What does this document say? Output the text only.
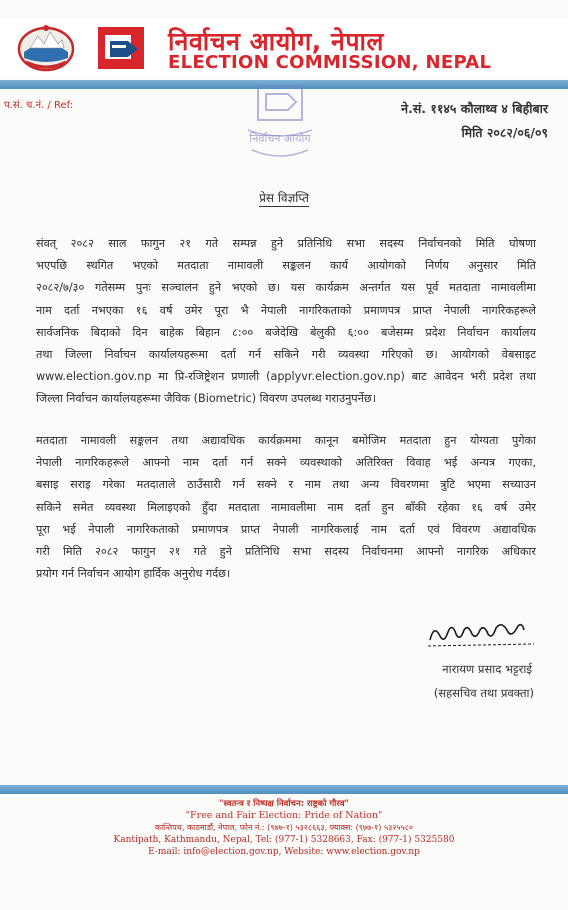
निर्वाचन आयोग, नेपाल
ELECTION COMMISSION, NEPAL
प.सं. च.नं. / Ref:
निर्वाचन आयोग
ने.सं. ११४५ कौलाथ्व ४ बिहीबार
मिति २०८२/०६/०९
प्रेस विज्ञप्ति
संवत् २०८२ साल फागुन २१ गते सम्पन्न हुने प्रतिनिधि सभा सदस्य निर्वाचनको मिति घोषणा
भएपछि स्थगित भएको मतदाता नामावली सङ्कलन कार्य आयोगको निर्णय अनुसार मिति
२०८२/७/३० गतेसम्म पुनः सञ्चालन हुने भएको छ। यस कार्यक्रम अन्तर्गत यस पूर्व मतदाता नामावलीमा
नाम दर्ता नभएका १६ वर्ष उमेर पूरा भै नेपाली नागरिकताको प्रमाणपत्र प्राप्त नेपाली नागरिकहरूले
सार्वजनिक बिदाको दिन बाहेक बिहान ८:०० बजेदेखि बेलुकी ६:०० बजेसम्म प्रदेश निर्वाचन कार्यालय
तथा जिल्ला निर्वाचन कार्यालयहरूमा दर्ता गर्न सकिने गरी व्यवस्था गरिएको छ। आयोगको वेबसाइट
www.election.gov.np मा प्रि-रजिष्ट्रेशन प्रणाली (applyvr.election.gov.np) बाट आवेदन भरी प्रदेश तथा
जिल्ला निर्वाचन कार्यालयहरूमा जैविक (Biometric) विवरण उपलब्ध गराउनुपर्नेछ।
मतदाता नामावली सङ्कलन तथा अद्यावधिक कार्यक्रममा कानून बमोजिम मतदाता हुन योग्यता पुगेका
नेपाली नागरिकहरूले आफ्नो नाम दर्ता गर्न सक्ने व्यवस्थाको अतिरिक्त विवाह भई अन्यत्र गएका,
बसाइ सराइ गरेका मतदाताले ठाउँसारी गर्न सक्ने र नाम तथा अन्य विवरणमा त्रुटि भएमा सच्याउन
सकिने समेत व्यवस्था मिलाइएको हुँदा मतदाता नामावलीमा नाम दर्ता हुन बाँकी रहेका १६ वर्ष उमेर
पूरा भई नेपाली नागरिकताको प्रमाणपत्र प्राप्त नेपाली नागरिकलाई नाम दर्ता एवं विवरण अद्यावधिक
गरी मिति २०८२ फागुन २१ गते हुने प्रतिनिधि सभा सदस्य निर्वाचनमा आफ्नो नागरिक अधिकार
प्रयोग गर्न निर्वाचन आयोग हार्दिक अनुरोध गर्दछ।
नारायण प्रसाद भट्टराई
(सहसचिव तथा प्रवक्ता)
"स्वतन्त्र र निष्पक्ष निर्वाचन: राष्ट्रको गौरव"
"Free and Fair Election: Pride of Nation"
कान्तिपथ, काठमाडौं, नेपाल, फोन नं.: (९७७-१) ५३२८६६३, फ्याक्स: (९७७-१) ५३२५५८०
Kantipath, Kathmandu, Nepal, Tel: (977-1) 5328663, Fax: (977-1) 5325580
E-mail: info@election.gov.np, Website: www.election.gov.np
